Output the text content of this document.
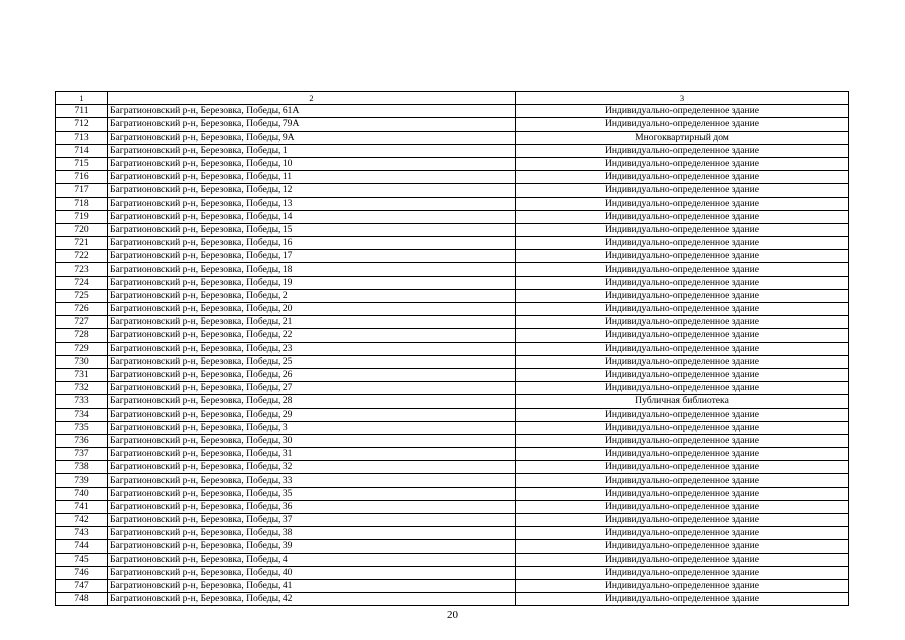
1	2	3
711	Багратионовский р-н, Березовка, Победы, 61А	Индивидуально-определенное здание
712	Багратионовский р-н, Березовка, Победы, 79А	Индивидуально-определенное здание
713	Багратионовский р-н, Березовка, Победы, 9А	Многоквартирный дом
714	Багратионовский р-н, Березовка, Победы, 1	Индивидуально-определенное здание
715	Багратионовский р-н, Березовка, Победы, 10	Индивидуально-определенное здание
716	Багратионовский р-н, Березовка, Победы, 11	Индивидуально-определенное здание
717	Багратионовский р-н, Березовка, Победы, 12	Индивидуально-определенное здание
718	Багратионовский р-н, Березовка, Победы, 13	Индивидуально-определенное здание
719	Багратионовский р-н, Березовка, Победы, 14	Индивидуально-определенное здание
720	Багратионовский р-н, Березовка, Победы, 15	Индивидуально-определенное здание
721	Багратионовский р-н, Березовка, Победы, 16	Индивидуально-определенное здание
722	Багратионовский р-н, Березовка, Победы, 17	Индивидуально-определенное здание
723	Багратионовский р-н, Березовка, Победы, 18	Индивидуально-определенное здание
724	Багратионовский р-н, Березовка, Победы, 19	Индивидуально-определенное здание
725	Багратионовский р-н, Березовка, Победы, 2	Индивидуально-определенное здание
726	Багратионовский р-н, Березовка, Победы, 20	Индивидуально-определенное здание
727	Багратионовский р-н, Березовка, Победы, 21	Индивидуально-определенное здание
728	Багратионовский р-н, Березовка, Победы, 22	Индивидуально-определенное здание
729	Багратионовский р-н, Березовка, Победы, 23	Индивидуально-определенное здание
730	Багратионовский р-н, Березовка, Победы, 25	Индивидуально-определенное здание
731	Багратионовский р-н, Березовка, Победы, 26	Индивидуально-определенное здание
732	Багратионовский р-н, Березовка, Победы, 27	Индивидуально-определенное здание
733	Багратионовский р-н, Березовка, Победы, 28	Публичная библиотека
734	Багратионовский р-н, Березовка, Победы, 29	Индивидуально-определенное здание
735	Багратионовский р-н, Березовка, Победы, 3	Индивидуально-определенное здание
736	Багратионовский р-н, Березовка, Победы, 30	Индивидуально-определенное здание
737	Багратионовский р-н, Березовка, Победы, 31	Индивидуально-определенное здание
738	Багратионовский р-н, Березовка, Победы, 32	Индивидуально-определенное здание
739	Багратионовский р-н, Березовка, Победы, 33	Индивидуально-определенное здание
740	Багратионовский р-н, Березовка, Победы, 35	Индивидуально-определенное здание
741	Багратионовский р-н, Березовка, Победы, 36	Индивидуально-определенное здание
742	Багратионовский р-н, Березовка, Победы, 37	Индивидуально-определенное здание
743	Багратионовский р-н, Березовка, Победы, 38	Индивидуально-определенное здание
744	Багратионовский р-н, Березовка, Победы, 39	Индивидуально-определенное здание
745	Багратионовский р-н, Березовка, Победы, 4	Индивидуально-определенное здание
746	Багратионовский р-н, Березовка, Победы, 40	Индивидуально-определенное здание
747	Багратионовский р-н, Березовка, Победы, 41	Индивидуально-определенное здание
748	Багратионовский р-н, Березовка, Победы, 42	Индивидуально-определенное здание
20
